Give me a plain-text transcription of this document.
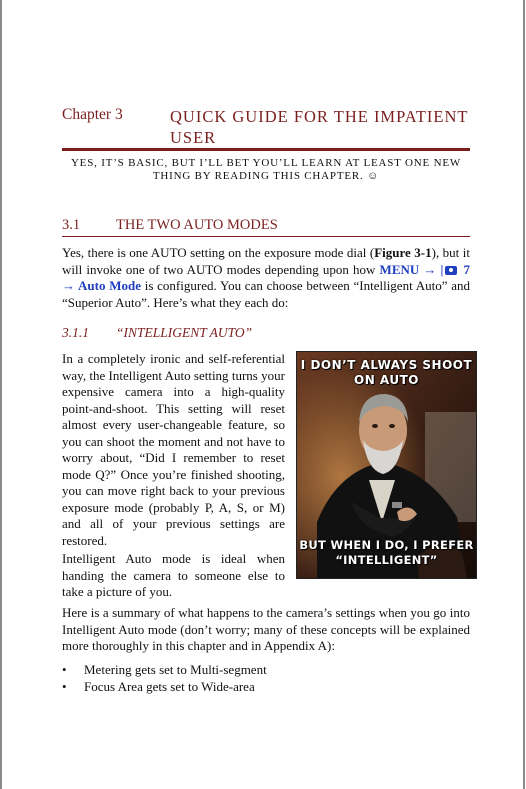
Chapter 3	QUICK GUIDE FOR THE IMPATIENT USER
YES, IT’S BASIC, BUT I’LL BET YOU’LL LEARN AT LEAST ONE NEW THING BY READING THIS CHAPTER. ☺
3.1 THE TWO AUTO MODES
Yes, there is one AUTO setting on the exposure mode dial (Figure 3-1), but it will invoke one of two AUTO modes depending upon how MENU → | 7 → Auto Mode is configured. You can choose between “Intelligent Auto” and “Superior Auto”. Here’s what they each do:
3.1.1 “INTELLIGENT AUTO”
In a completely ironic and self-referential way, the Intelligent Auto setting turns your expensive camera into a high-quality point-and-shoot. This setting will reset almost every user-changeable feature, so you can shoot the moment and not have to worry about, “Did I remember to reset mode Q?” Once you’re finished shooting, you can move right back to your previous exposure mode (probably P, A, S, or M) and all of your previous settings are restored.
Intelligent Auto mode is ideal when handing the camera to someone else to take a picture of you.
I DON’T ALWAYS SHOOT ON AUTO
BUT WHEN I DO, I PREFER “INTELLIGENT”
Here is a summary of what happens to the camera’s settings when you go into Intelligent Auto mode (don’t worry; many of these concepts will be explained more thoroughly in this chapter and in Appendix A):
• Metering gets set to Multi-segment
• Focus Area gets set to Wide-area
